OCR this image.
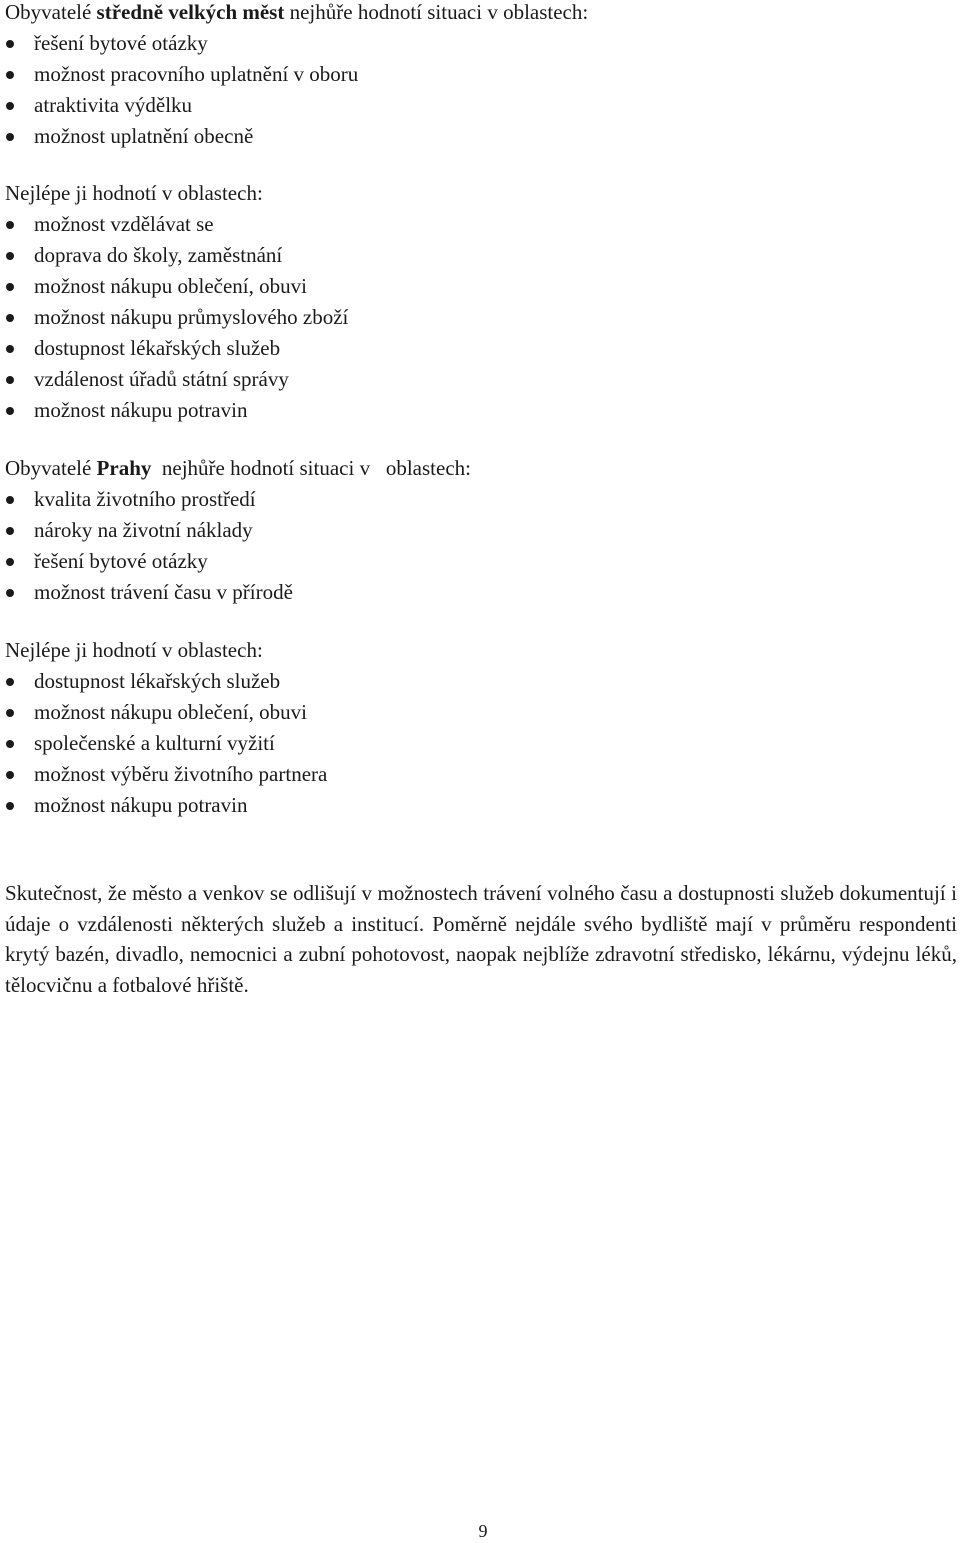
Obyvatelé středně velkých měst nejhůře hodnotí situaci v oblastech:
řešení bytové otázky
možnost pracovního uplatnění v oboru
atraktivita výdělku
možnost uplatnění obecně
Nejlépe ji hodnotí v oblastech:
možnost vzdělávat se
doprava do školy, zaměstnání
možnost nákupu oblečení, obuvi
možnost nákupu průmyslového zboží
dostupnost lékařských služeb
vzdálenost úřadů státní správy
možnost nákupu potravin
Obyvatelé Prahy  nejhůře hodnotí situaci v   oblastech:
kvalita životního prostředí
nároky na životní náklady
řešení bytové otázky
možnost trávení času v přírodě
Nejlépe ji hodnotí v oblastech:
dostupnost lékařských služeb
možnost nákupu oblečení, obuvi
společenské a kulturní vyžití
možnost výběru životního partnera
možnost nákupu potravin

Skutečnost, že město a venkov se odlišují v možnostech trávení volného času a dostupnosti služeb dokumentují i údaje o vzdálenosti některých služeb a institucí. Poměrně nejdále svého bydliště mají v průměru respondenti krytý bazén, divadlo, nemocnici a zubní pohotovost, naopak nejblíže zdravotní středisko, lékárnu, výdejnu léků, tělocvičnu a fotbalové hřiště.

9
